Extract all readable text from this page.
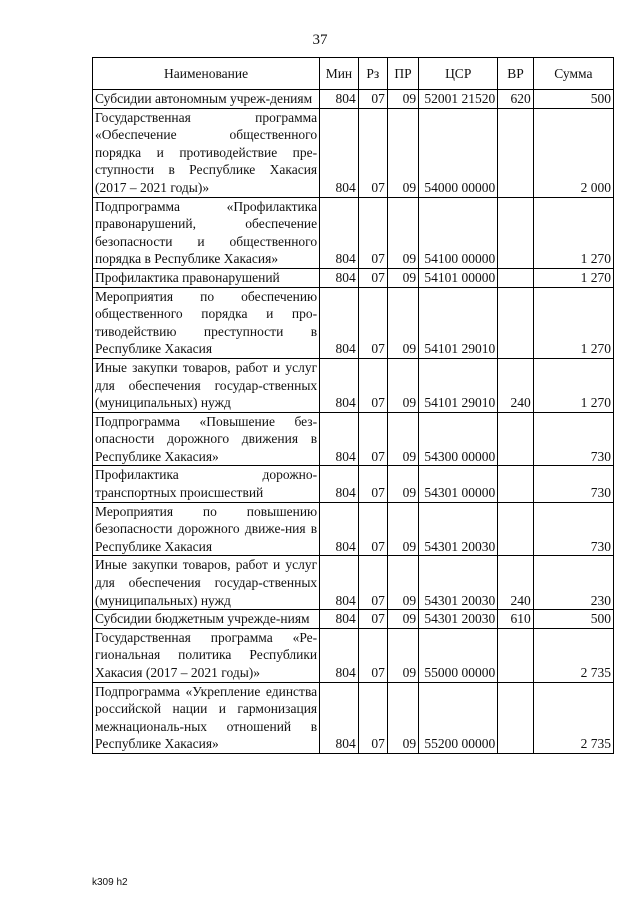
37
Наименование	Мин	Рз	ПР	ЦСР	ВР	Сумма
Субсидии автономным учреж-дениям	804	07	09	52001 21520	620	500
Государственная программа «Обеспечение общественного порядка и противодействие пре-ступности в Республике Хакасия (2017 – 2021 годы)»	804	07	09	54000 00000		2 000
Подпрограмма «Профилактика правонарушений, обеспечение безопасности и общественного порядка в Республике Хакасия»	804	07	09	54100 00000		1 270
Профилактика правонарушений	804	07	09	54101 00000		1 270
Мероприятия по обеспечению общественного порядка и про-тиводействию преступности в Республике Хакасия	804	07	09	54101 29010		1 270
Иные закупки товаров, работ и услуг для обеспечения государ-ственных (муниципальных) нужд	804	07	09	54101 29010	240	1 270
Подпрограмма «Повышение без-опасности дорожного движения в Республике Хакасия»	804	07	09	54300 00000		730
Профилактика дорожно-транспортных происшествий	804	07	09	54301 00000		730
Мероприятия по повышению безопасности дорожного движе-ния в Республике Хакасия	804	07	09	54301 20030		730
Иные закупки товаров, работ и услуг для обеспечения государ-ственных (муниципальных) нужд	804	07	09	54301 20030	240	230
Субсидии бюджетным учрежде-ниям	804	07	09	54301 20030	610	500
Государственная программа «Ре-гиональная политика Республики Хакасия (2017 – 2021 годы)»	804	07	09	55000 00000		2 735
Подпрограмма «Укрепление единства российской нации и гармонизация межнациональ-ных отношений в Республике Хакасия»	804	07	09	55200 00000		2 735
k309 h2
